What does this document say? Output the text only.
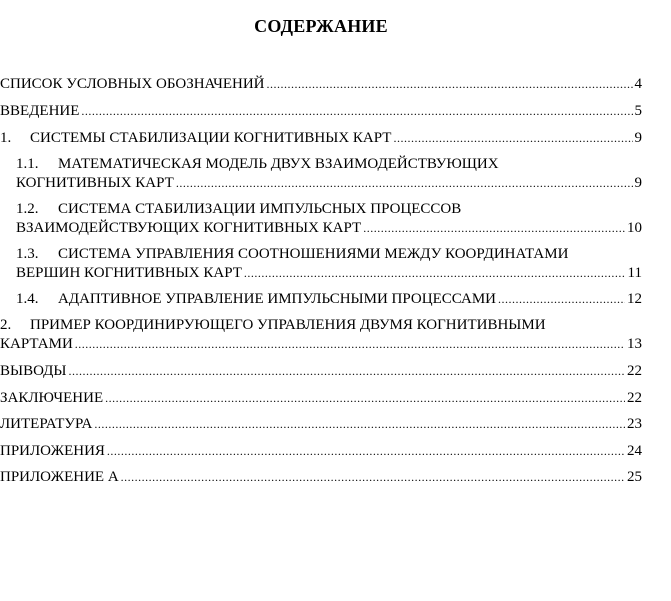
СОДЕРЖАНИЕ
СПИСОК УСЛОВНЫХ ОБОЗНАЧЕНИЙ .....	4
ВВЕДЕНИЕ .....	5
1.	СИСТЕМЫ СТАБИЛИЗАЦИИ КОГНИТИВНЫХ КАРТ .....	9
1.1.	МАТЕМАТИЧЕСКАЯ МОДЕЛЬ ДВУХ ВЗАИМОДЕЙСТВУЮЩИХ
КОГНИТИВНЫХ КАРТ .....	9
1.2.	СИСТЕМА СТАБИЛИЗАЦИИ ИМПУЛЬСНЫХ ПРОЦЕССОВ
ВЗАИМОДЕЙСТВУЮЩИХ КОГНИТИВНЫХ КАРТ .....	10
1.3.	СИСТЕМА УПРАВЛЕНИЯ СООТНОШЕНИЯМИ МЕЖДУ КООРДИНАТАМИ
ВЕРШИН КОГНИТИВНЫХ КАРТ .....	11
1.4.	АДАПТИВНОЕ УПРАВЛЕНИЕ ИМПУЛЬСНЫМИ ПРОЦЕССАМИ .....	12
2.	ПРИМЕР КООРДИНИРУЮЩЕГО УПРАВЛЕНИЯ ДВУМЯ КОГНИТИВНЫМИ
КАРТАМИ .....	13
ВЫВОДЫ .....	22
ЗАКЛЮЧЕНИЕ .....	22
ЛИТЕРАТУРА .....	23
ПРИЛОЖЕНИЯ .....	24
ПРИЛОЖЕНИЕ А .....	25
